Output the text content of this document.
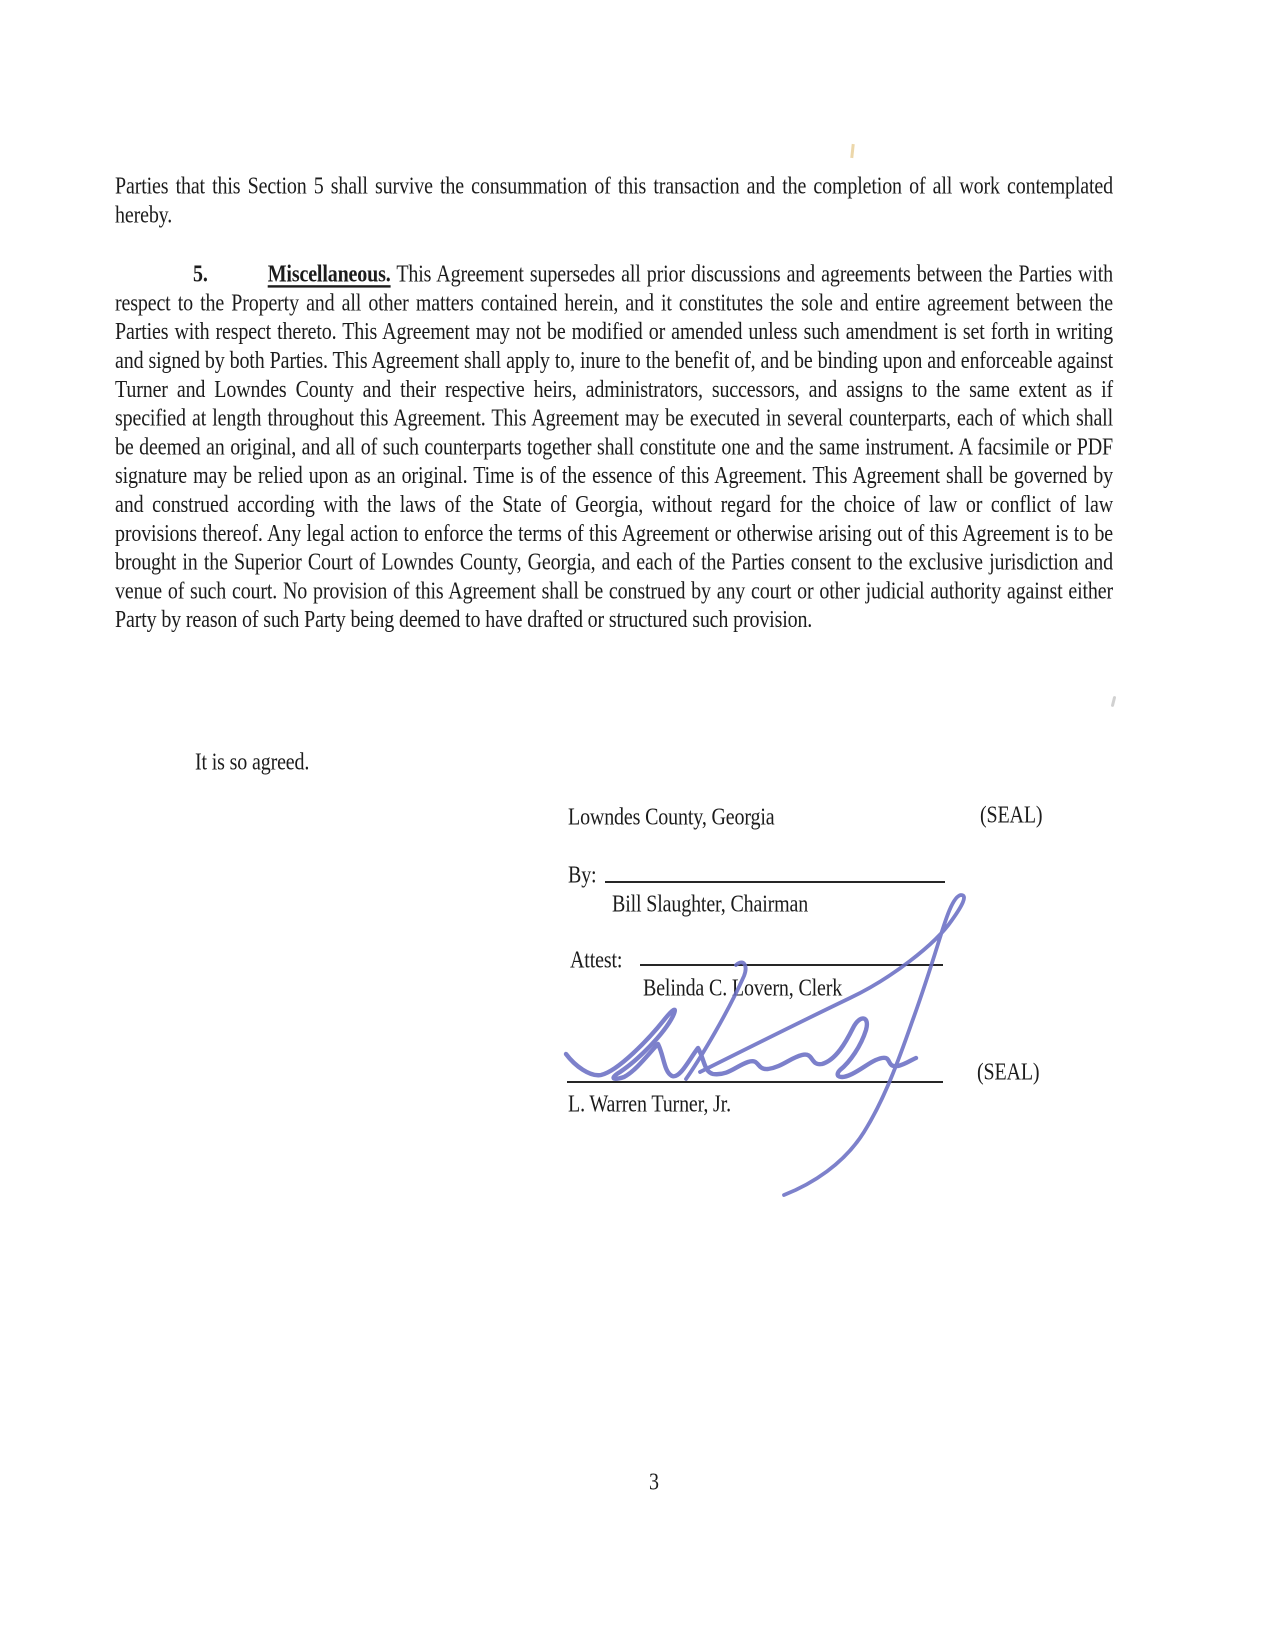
Parties that this Section 5 shall survive the consummation of this transaction and the completion of all work contemplated hereby.
5.	Miscellaneous. This Agreement supersedes all prior discussions and agreements between the Parties with respect to the Property and all other matters contained herein, and it constitutes the sole and entire agreement between the Parties with respect thereto. This Agreement may not be modified or amended unless such amendment is set forth in writing and signed by both Parties. This Agreement shall apply to, inure to the benefit of, and be binding upon and enforceable against Turner and Lowndes County and their respective heirs, administrators, successors, and assigns to the same extent as if specified at length throughout this Agreement. This Agreement may be executed in several counterparts, each of which shall be deemed an original, and all of such counterparts together shall constitute one and the same instrument. A facsimile or PDF signature may be relied upon as an original. Time is of the essence of this Agreement. This Agreement shall be governed by and construed according with the laws of the State of Georgia, without regard for the choice of law or conflict of law provisions thereof. Any legal action to enforce the terms of this Agreement or otherwise arising out of this Agreement is to be brought in the Superior Court of Lowndes County, Georgia, and each of the Parties consent to the exclusive jurisdiction and venue of such court. No provision of this Agreement shall be construed by any court or other judicial authority against either Party by reason of such Party being deemed to have drafted or structured such provision.
It is so agreed.
Lowndes County, Georgia	(SEAL)
By:
Bill Slaughter, Chairman
Attest:
Belinda C. Lovern, Clerk
(SEAL)
L. Warren Turner, Jr.
3
